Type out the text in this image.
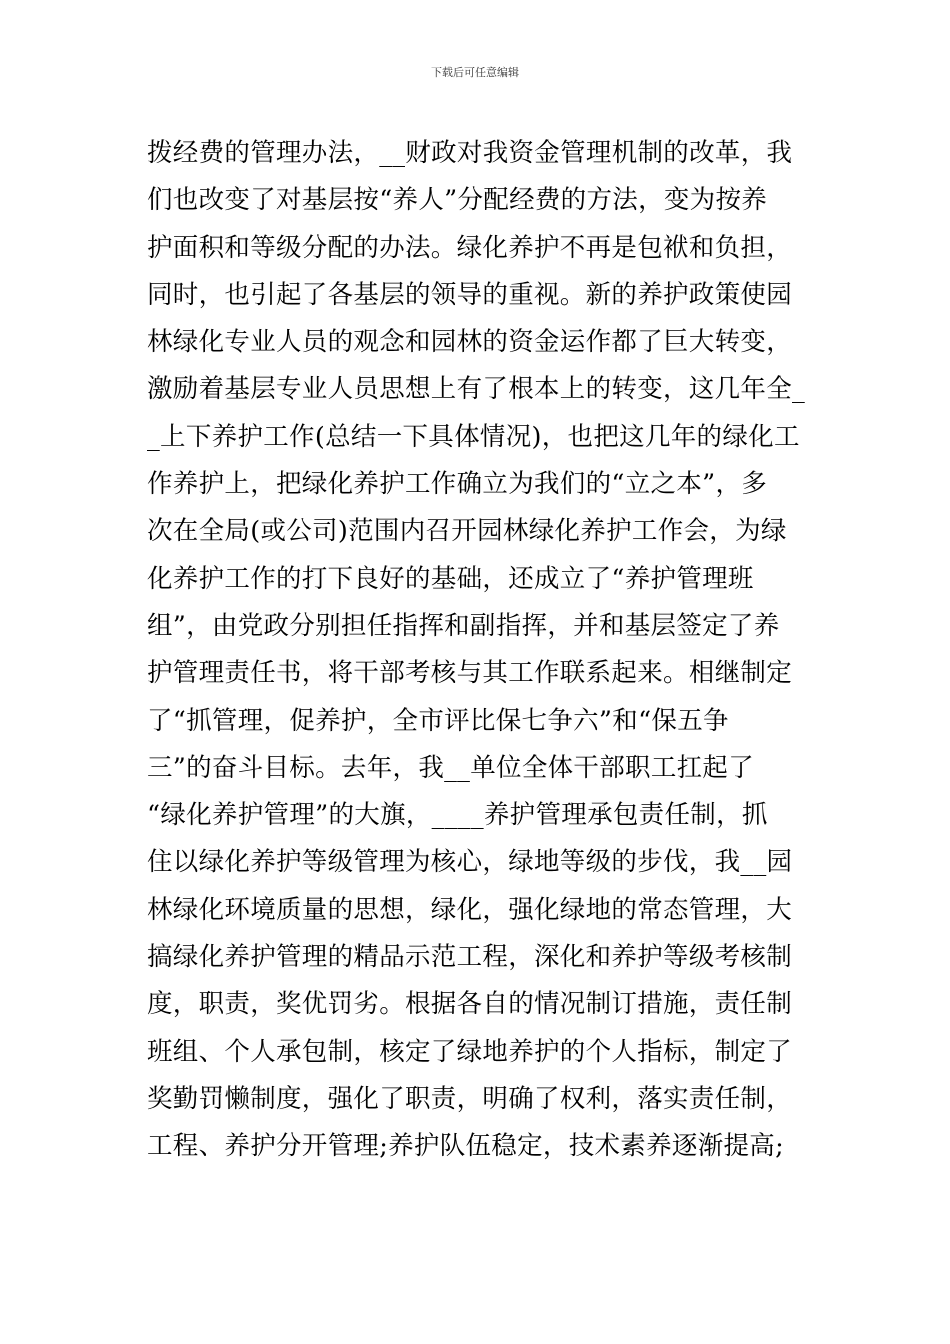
下载后可任意编辑
拨经费的管理办法，__财政对我资金管理机制的改革，我
们也改变了对基层按“养人”分配经费的方法，变为按养
护面积和等级分配的办法。绿化养护不再是包袱和负担，
同时，也引起了各基层的领导的重视。新的养护政策使园
林绿化专业人员的观念和园林的资金运作都了巨大转变，
激励着基层专业人员思想上有了根本上的转变，这几年全_
_上下养护工作(总结一下具体情况)，也把这几年的绿化工
作养护上，把绿化养护工作确立为我们的“立之本”，多
次在全局(或公司)范围内召开园林绿化养护工作会，为绿
化养护工作的打下良好的基础，还成立了“养护管理班
组”，由党政分别担任指挥和副指挥，并和基层签定了养
护管理责任书，将干部考核与其工作联系起来。相继制定
了“抓管理，促养护，全市评比保七争六”和“保五争
三”的奋斗目标。去年，我__单位全体干部职工扛起了
“绿化养护管理”的大旗，____养护管理承包责任制，抓
住以绿化养护等级管理为核心，绿地等级的步伐，我__园
林绿化环境质量的思想，绿化，强化绿地的常态管理，大
搞绿化养护管理的精品示范工程，深化和养护等级考核制
度，职责，奖优罚劣。根据各自的情况制订措施，责任制
班组、个人承包制，核定了绿地养护的个人指标，制定了
奖勤罚懒制度，强化了职责，明确了权利，落实责任制，
工程、养护分开管理;养护队伍稳定，技术素养逐渐提高;
